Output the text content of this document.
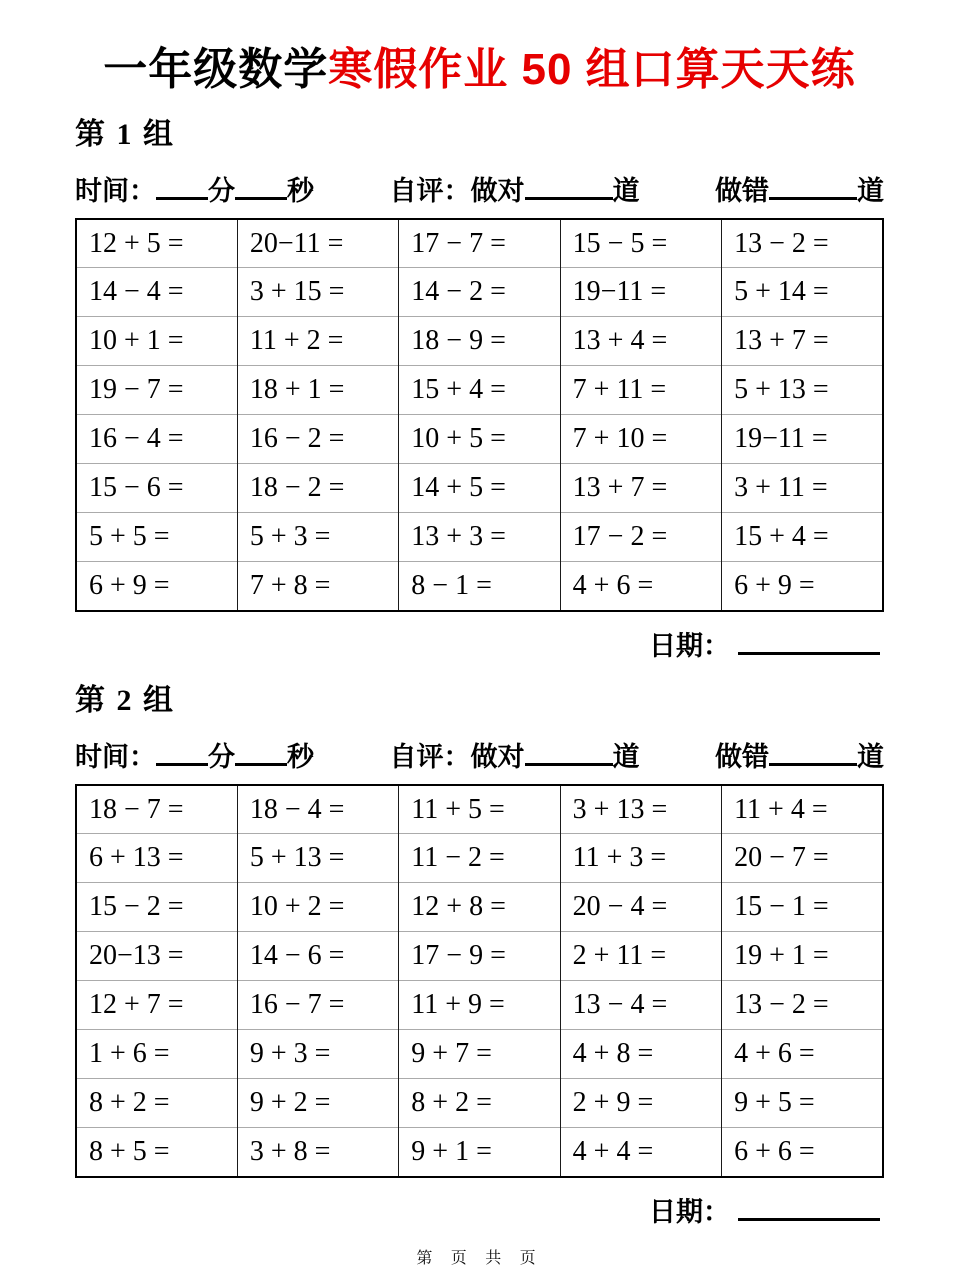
一年级数学寒假作业 50 组口算天天练
第 1 组
时间： 分 秒	自评：做对	道	做错	道
12 + 5 =	20−11 =	17 − 7 =	15 − 5 =	13 − 2 =
14 − 4 =	3 + 15 =	14 − 2 =	19−11 =	5 + 14 =
10 + 1 =	11 + 2 =	18 − 9 =	13 + 4 =	13 + 7 =
19 − 7 =	18 + 1 =	15 + 4 =	7 + 11 =	5 + 13 =
16 − 4 =	16 − 2 =	10 + 5 =	7 + 10 =	19−11 =
15 − 6 =	18 − 2 =	14 + 5 =	13 + 7 =	3 + 11 =
5 + 5 =	5 + 3 =	13 + 3 =	17 − 2 =	15 + 4 =
6 + 9 =	7 + 8 =	8 − 1 =	4 + 6 =	6 + 9 =
日期：
第 2 组
时间： 分 秒	自评：做对	道	做错	道
18 − 7 =	18 − 4 =	11 + 5 =	3 + 13 =	11 + 4 =
6 + 13 =	5 + 13 =	11 − 2 =	11 + 3 =	20 − 7 =
15 − 2 =	10 + 2 =	12 + 8 =	20 − 4 =	15 − 1 =
20−13 =	14 − 6 =	17 − 9 =	2 + 11 =	19 + 1 =
12 + 7 =	16 − 7 =	11 + 9 =	13 − 4 =	13 − 2 =
1 + 6 =	9 + 3 =	9 + 7 =	4 + 8 =	4 + 6 =
8 + 2 =	9 + 2 =	8 + 2 =	2 + 9 =	9 + 5 =
8 + 5 =	3 + 8 =	9 + 1 =	4 + 4 =	6 + 6 =
日期：
第 页 共 页
